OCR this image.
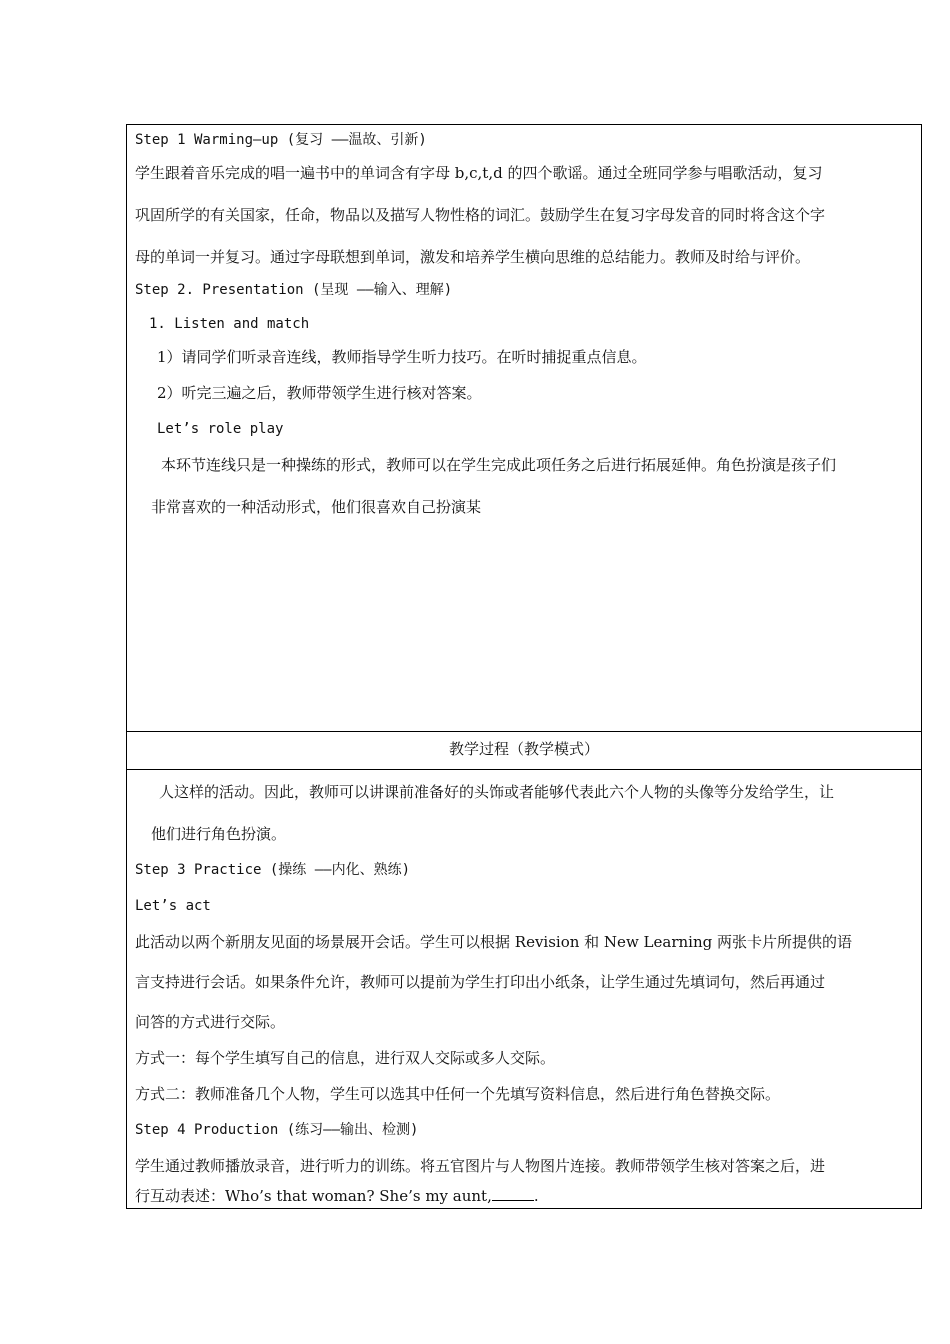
Step 1 Warming—up (复习 ——温故、引新)
学生跟着音乐完成的唱一遍书中的单词含有字母 b,c,t,d 的四个歌谣。通过全班同学参与唱歌活动，复习
巩固所学的有关国家，任命，物品以及描写人物性格的词汇。鼓励学生在复习字母发音的同时将含这个字
母的单词一并复习。通过字母联想到单词，激发和培养学生横向思维的总结能力。教师及时给与评价。
Step 2. Presentation (呈现 ——输入、理解)
1. Listen and match
1）请同学们听录音连线，教师指导学生听力技巧。在听时捕捉重点信息。
2）听完三遍之后，教师带领学生进行核对答案。
Let’s role play
本环节连线只是一种操练的形式，教师可以在学生完成此项任务之后进行拓展延伸。角色扮演是孩子们
非常喜欢的一种活动形式，他们很喜欢自己扮演某

教学过程（教学模式）

人这样的活动。因此，教师可以讲课前准备好的头饰或者能够代表此六个人物的头像等分发给学生，让
他们进行角色扮演。
Step 3 Practice (操练 ——内化、熟练)
Let’s act
此活动以两个新朋友见面的场景展开会话。学生可以根据 Revision 和 New Learning 两张卡片所提供的语
言支持进行会话。如果条件允许，教师可以提前为学生打印出小纸条，让学生通过先填词句，然后再通过
问答的方式进行交际。
方式一：每个学生填写自己的信息，进行双人交际或多人交际。
方式二：教师准备几个人物，学生可以选其中任何一个先填写资料信息，然后进行角色替换交际。
Step 4 Production (练习——输出、检测)
学生通过教师播放录音，进行听力的训练。将五官图片与人物图片连接。教师带领学生核对答案之后，进
行互动表述：Who’s that woman? She’s my aunt,	.
